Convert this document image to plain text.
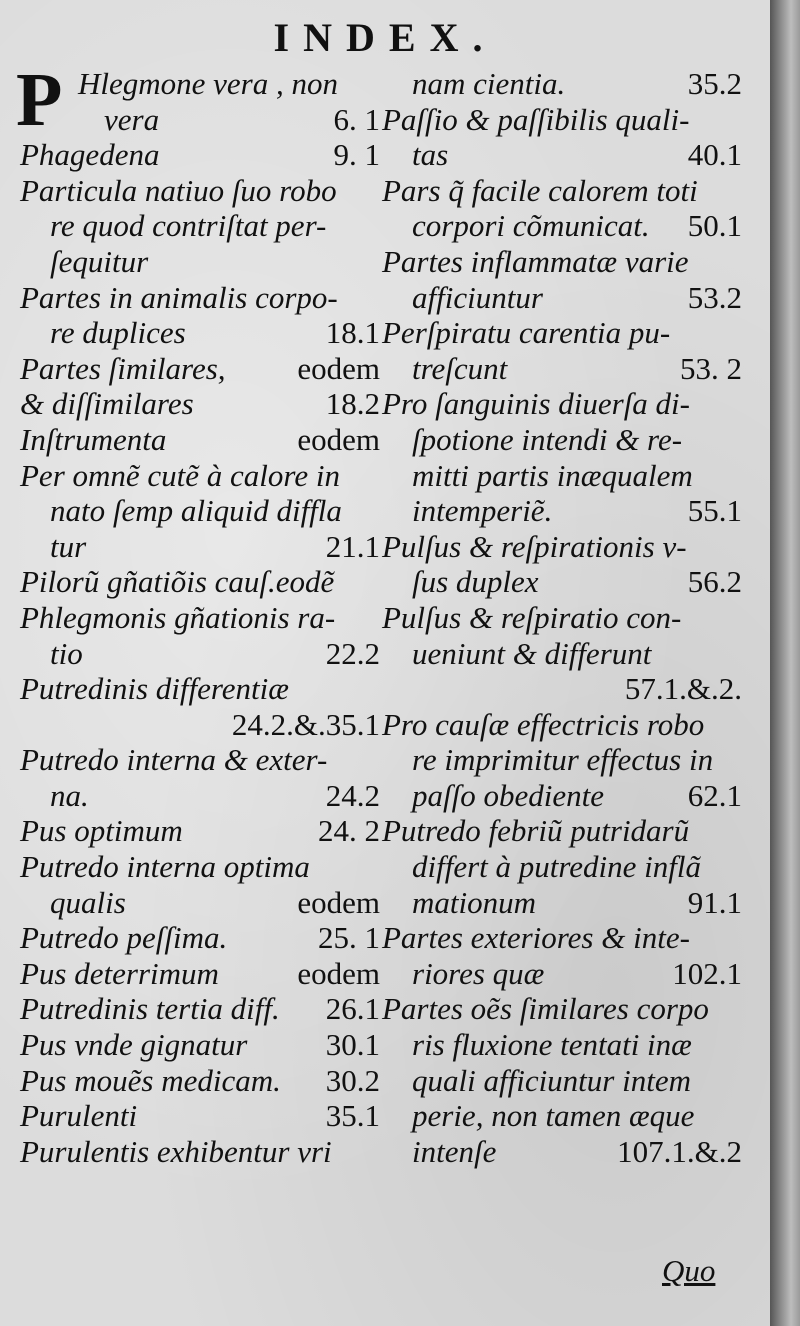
INDEX.
P Hlegmone vera , non
vera	6. 1
Phagedena	9. 1
Particula natiuo ſuo robo
re quod contriſtat per-
ſequitur
Partes in animalis corpo-
re duplices	18.1
Partes ſimilares, eodem
& diſſimilares	18.2
Inſtrumenta	eodem
Per omnẽ cutẽ à calore in
nato ſemp aliquid diffla
tur	21.1
Pilorũ gñatiõis cauſ.eodẽ
Phlegmonis gñationis ra-
tio	22.2
Putredinis differentiæ
24.2.&.35.1
Putredo interna & exter-
na.	24.2
Pus optimum	24. 2
Putredo interna optima
qualis	eodem
Putredo peſſima.	25. 1
Pus deterrimum	eodem
Putredinis tertia diff. 26.1
Pus vnde gignatur	30.1
Pus mouẽs medicam. 30.2
Purulenti	35.1
Purulentis exhibentur vri
nam cientia.	35.2
Paſſio & paſſibilis quali-
tas	40.1
Pars q̃ facile calorem toti
corpori cõmunicat. 50.1
Partes inflammatæ varie
afficiuntur	53.2
Perſpiratu carentia pu-
treſcunt	53. 2
Pro ſanguinis diuerſa di-
ſpotione intendi & re-
mitti partis inæqualem
intemperiẽ.	55.1
Pulſus & reſpirationis v-
ſus duplex	56.2
Pulſus & reſpiratio con-
ueniunt & differunt
57.1.&.2.
Pro cauſæ effectricis robo
re imprimitur effectus in
paſſo obediente	62.1
Putredo febriũ putridarũ
differt à putredine inflã
mationum	91.1
Partes exteriores & inte-
riores quæ	102.1
Partes oẽs ſimilares corpo
ris fluxione tentati inæ
quali afficiuntur intem
perie, non tamen æque
intenſe	107.1.&.2
Quo
